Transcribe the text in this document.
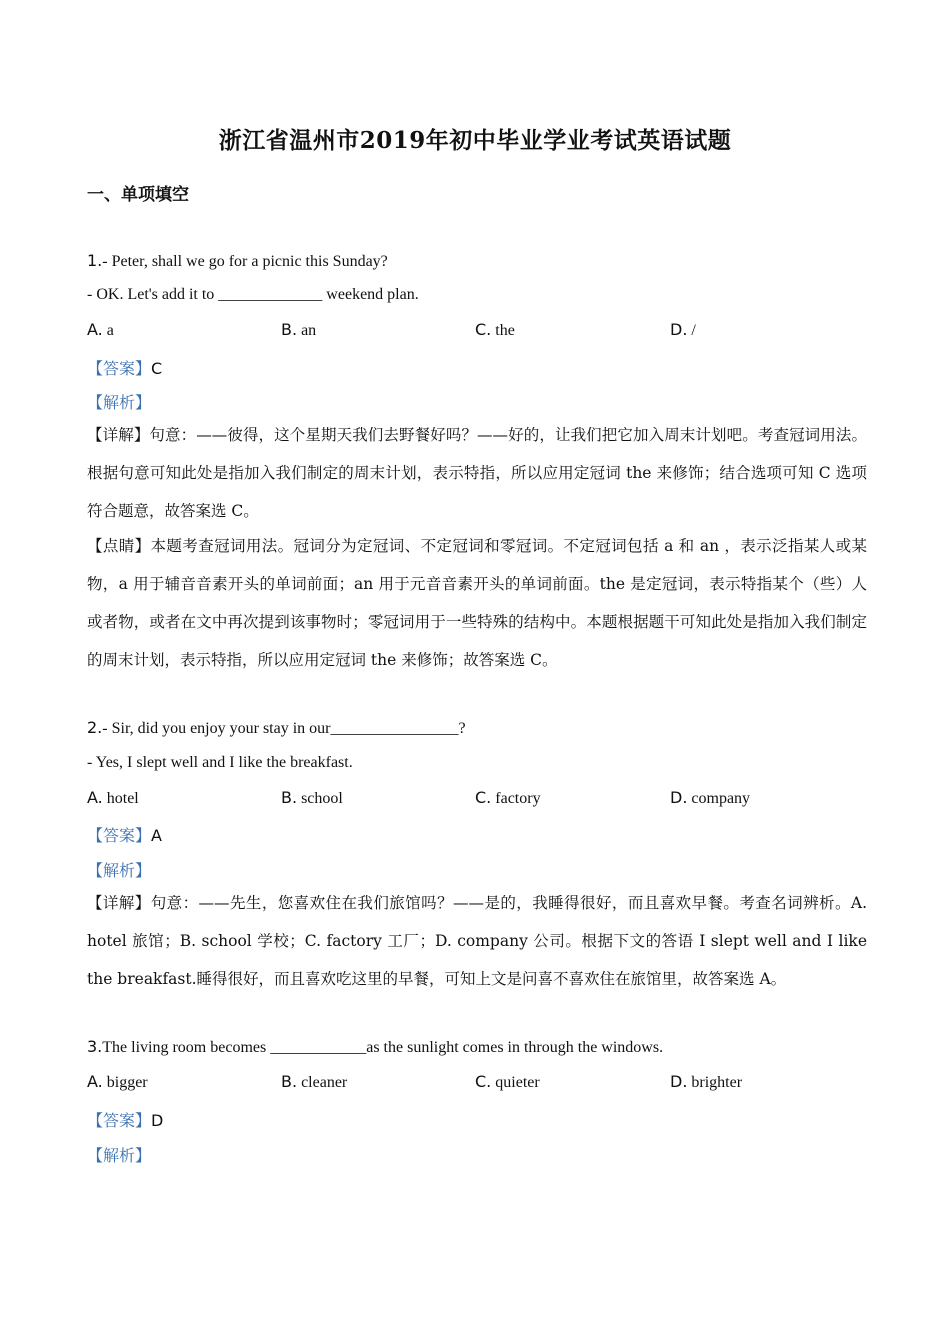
浙江省温州市2019年初中毕业学业考试英语试题
一、单项填空
1.- Peter, shall we go for a picnic this Sunday?
- OK. Let's add it to _____________ weekend plan.
A. a	B. an	C. the	D. /
【答案】C
【解析】
【详解】句意：——彼得，这个星期天我们去野餐好吗？——好的，让我们把它加入周末计划吧。考查冠词用法。根据句意可知此处是指加入我们制定的周末计划，表示特指，所以应用定冠词 the 来修饰；结合选项可知 C 选项符合题意，故答案选 C。
【点睛】本题考查冠词用法。冠词分为定冠词、不定冠词和零冠词。不定冠词包括 a 和 an ，表示泛指某人或某物，a 用于辅音音素开头的单词前面；an 用于元音音素开头的单词前面。the 是定冠词，表示特指某个（些）人或者物，或者在文中再次提到该事物时；零冠词用于一些特殊的结构中。本题根据题干可知此处是指加入我们制定的周末计划，表示特指，所以应用定冠词 the 来修饰；故答案选 C。
2.- Sir, did you enjoy your stay in our________________?
- Yes, I slept well and I like the breakfast.
A. hotel	B. school	C. factory	D. company
【答案】A
【解析】
【详解】句意：——先生，您喜欢住在我们旅馆吗？——是的，我睡得很好，而且喜欢早餐。考查名词辨析。A. hotel 旅馆；B. school 学校；C. factory 工厂；D. company 公司。根据下文的答语 I slept well and I like the breakfast.睡得很好，而且喜欢吃这里的早餐，可知上文是问喜不喜欢住在旅馆里，故答案选 A。
3.The living room becomes ____________as the sunlight comes in through the windows.
A. bigger	B. cleaner	C. quieter	D. brighter
【答案】D
【解析】
